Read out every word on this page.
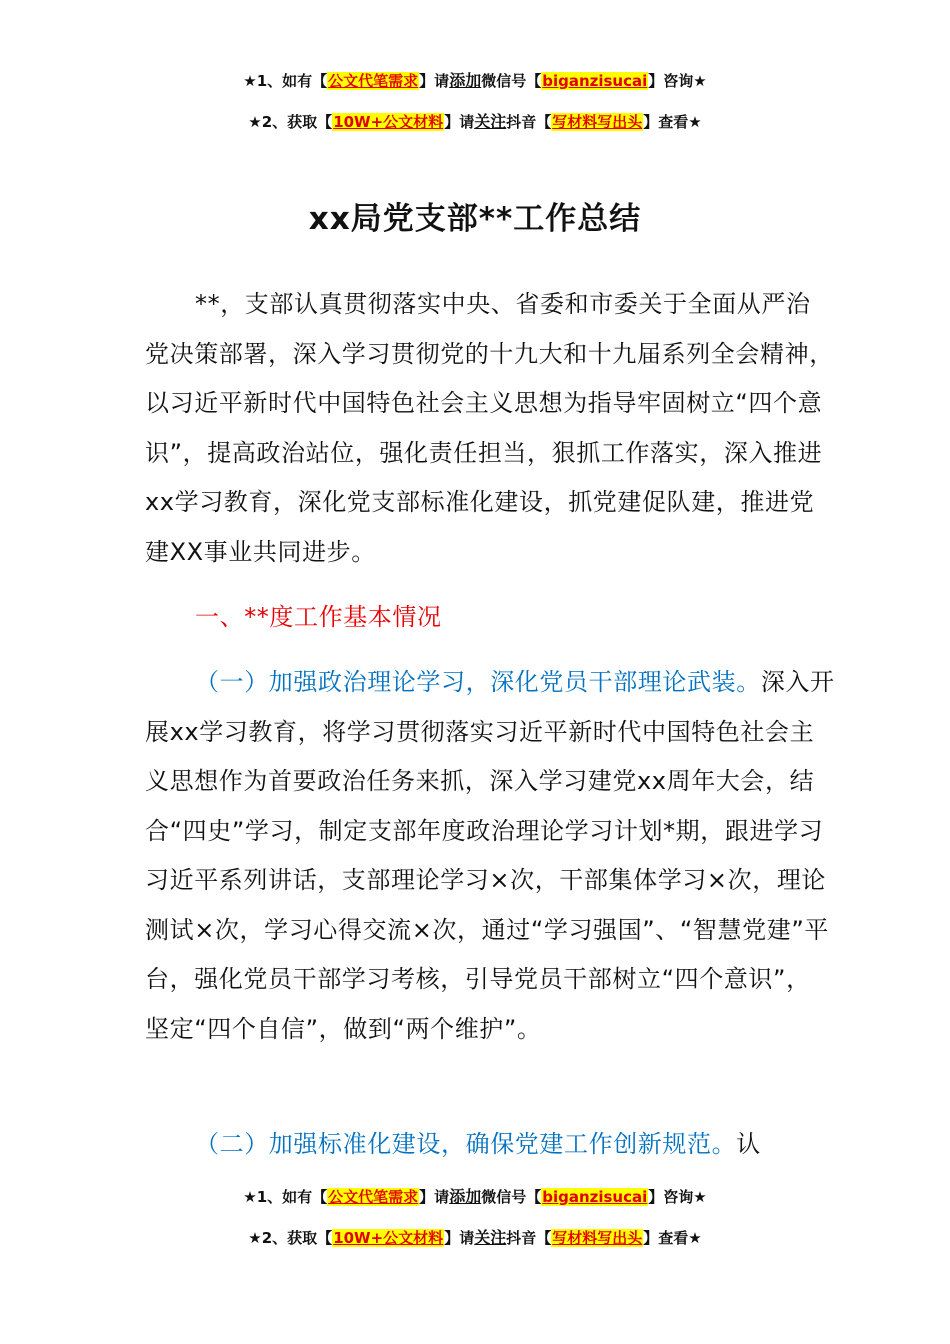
★1、如有【公文代笔需求】请添加微信号【biganzisucai】咨询★
★2、获取【10W+公文材料】请关注抖音【写材料写出头】查看★
xx局党支部**工作总结

**，支部认真贯彻落实中央、省委和市委关于全面从严治党决策部署，深入学习贯彻党的十九大和十九届系列全会精神，以习近平新时代中国特色社会主义思想为指导牢固树立“四个意识”，提高政治站位，强化责任担当，狠抓工作落实，深入推进xx学习教育，深化党支部标准化建设，抓党建促队建，推进党建XX事业共同进步。

一、**度工作基本情况

（一）加强政治理论学习，深化党员干部理论武装。深入开展xx学习教育，将学习贯彻落实习近平新时代中国特色社会主义思想作为首要政治任务来抓，深入学习建党xx周年大会，结合“四史”学习，制定支部年度政治理论学习计划*期，跟进学习习近平系列讲话，支部理论学习×次，干部集体学习×次，理论测试×次，学习心得交流×次，通过“学习强国”、“智慧党建”平台，强化党员干部学习考核，引导党员干部树立“四个意识”，坚定“四个自信”，做到“两个维护”。

（二）加强标准化建设，确保党建工作创新规范。认

★1、如有【公文代笔需求】请添加微信号【biganzisucai】咨询★
★2、获取【10W+公文材料】请关注抖音【写材料写出头】查看★
